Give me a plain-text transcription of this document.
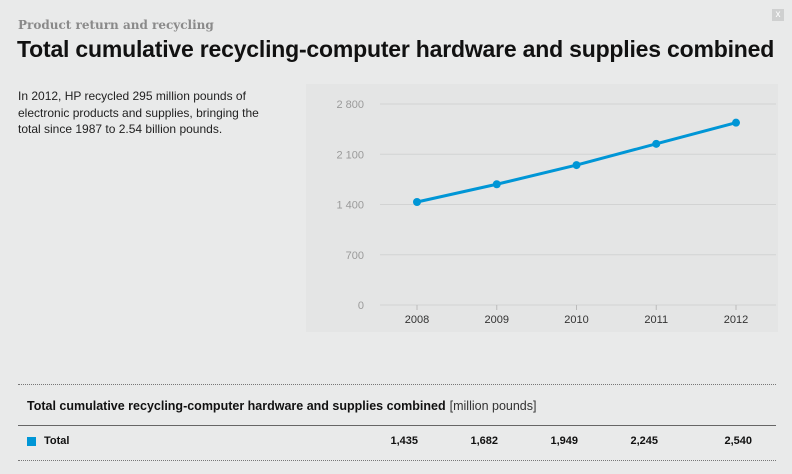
Product return and recycling
Total cumulative recycling-computer hardware and supplies combined
x
In 2012, HP recycled 295 million pounds of electronic products and supplies, bringing the total since 1987 to 2.54 billion pounds.
0
700
1 400
2 100
2 800
2008	2009	2010	2011	2012
Total cumulative recycling-computer hardware and supplies combined [million pounds]
Total	1,435	1,682	1,949	2,245	2,540
